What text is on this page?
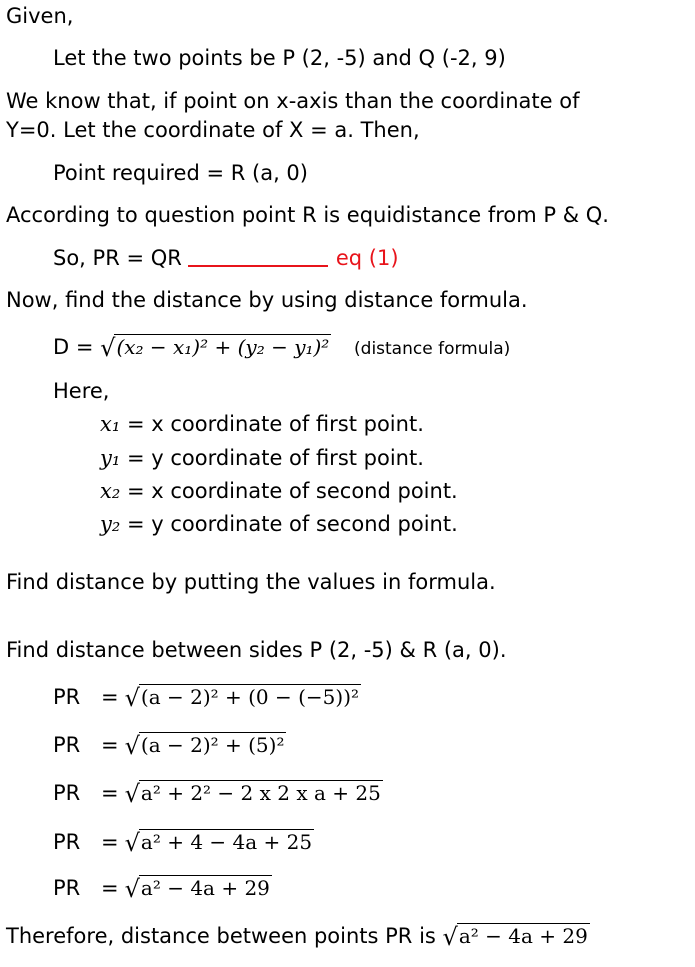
Given,
Let the two points be P (2, -5) and Q (-2, 9)
We know that, if point on x-axis than the coordinate of
Y=0. Let the coordinate of X = a. Then,
Point required = R (a, 0)
According to question point R is equidistance from P & Q.
So, PR = QR	eq (1)
Now, find the distance by using distance formula.
D = √(x₂ − x₁)² + (y₂ − y₁)² (distance formula)
Here,
x₁ = x coordinate of first point.
y₁ = y coordinate of first point.
x₂ = x coordinate of second point.
y₂ = y coordinate of second point.
Find distance by putting the values in formula.
Find distance between sides P (2, -5) & R (a, 0).
PR = √(a − 2)² + (0 − (−5))²
PR = √(a − 2)² + (5)²
PR = √a² + 2² − 2 x 2 x a + 25
PR = √a² + 4 − 4a + 25
PR = √a² − 4a + 29
Therefore, distance between points PR is √a² − 4a + 29
